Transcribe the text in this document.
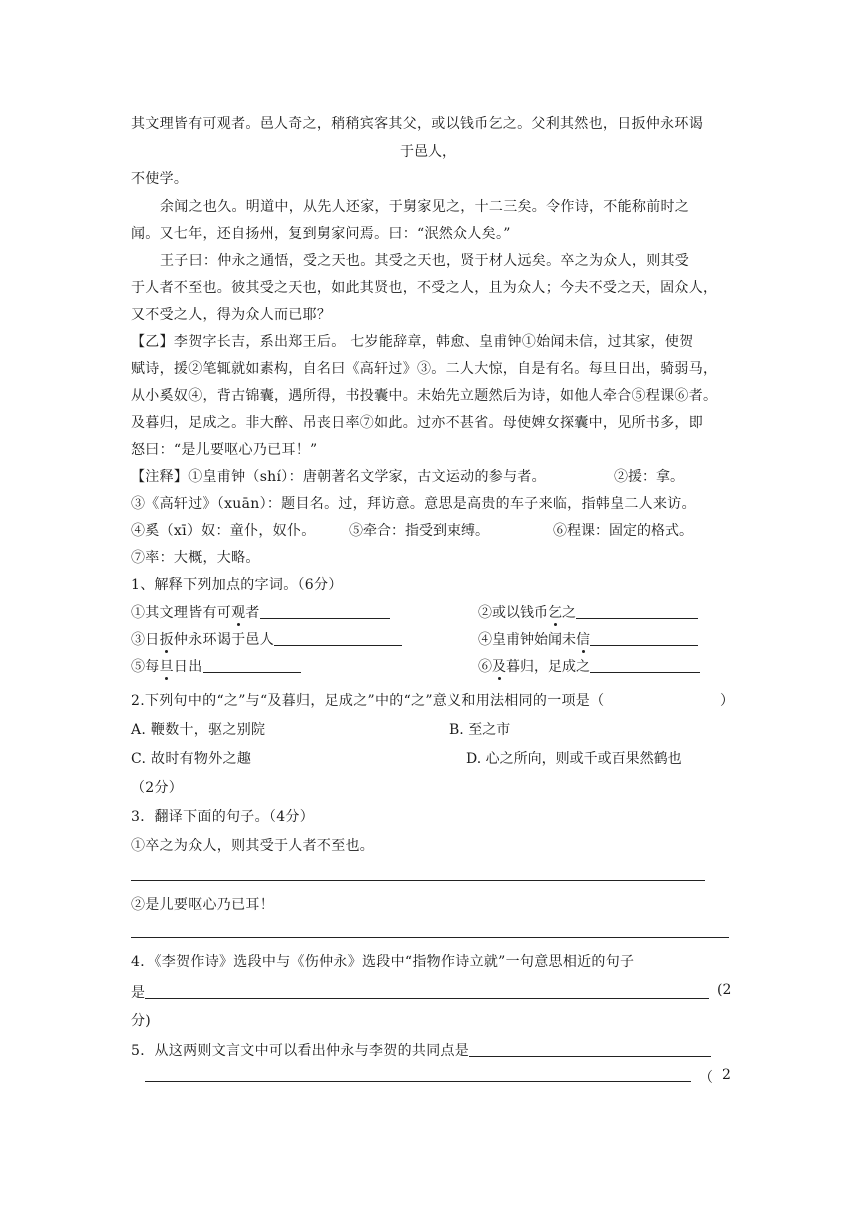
其文理皆有可观者。邑人奇之，稍稍宾客其父，或以钱币乞之。父利其然也，日扳仲永环谒
于邑人，
不使学。
余闻之也久。明道中，从先人还家，于舅家见之，十二三矣。令作诗，不能称前时之
闻。又七年，还自扬州，复到舅家问焉。曰：“泯然众人矣。”
王子曰：仲永之通悟，受之天也。其受之天也，贤于材人远矣。卒之为众人，则其受
于人者不至也。彼其受之天也，如此其贤也，不受之人，且为众人；今夫不受之天，固众人，
又不受之人，得为众人而已耶？
【乙】李贺字长吉，系出郑王后。 七岁能辞章，韩愈、皇甫钟①始闻未信，过其家，使贺
赋诗，援②笔辄就如素构，自名曰《高轩过》③。二人大惊，自是有名。每旦日出，骑弱马，
从小奚奴④，背古锦囊，遇所得，书投囊中。未始先立题然后为诗，如他人牵合⑤程课⑥者。
及暮归，足成之。非大醉、吊丧日率⑦如此。过亦不甚省。母使婢女探囊中，见所书多，即
怒曰：“是儿要呕心乃已耳！”
【注释】①皇甫钟（shí）：唐朝著名文学家，古文运动的参与者。	②援：拿。
③《高轩过》（xuān）：题目名。过，拜访意。意思是高贵的车子来临，指韩皇二人来访。
④奚（xī）奴：童仆，奴仆。 ⑤牵合：指受到束缚。	⑥程课：固定的格式。
⑦率：大概，大略。
1、解释下列加点的字词。（6分）
①其文理皆有可观者	②或以钱币乞之
③日扳仲永环谒于邑人	④皇甫钟始闻未信
⑤每旦日出	⑥及暮归，足成之
2.下列句中的“之”与“及暮归，足成之”中的“之”意义和用法相同的一项是（	）
A. 鞭数十，驱之别院	B. 至之市
C. 故时有物外之趣	D. 心之所向，则或千或百果然鹤也
（2分）
3．翻译下面的句子。（4分）
①卒之为众人，则其受于人者不至也。
②是儿要呕心乃已耳！
4．《李贺作诗》选段中与《伤仲永》选段中“指物作诗立就”一句意思相近的句子
是	(2
分)
5．从这两则文言文中可以看出仲永与李贺的共同点是
（ 2
